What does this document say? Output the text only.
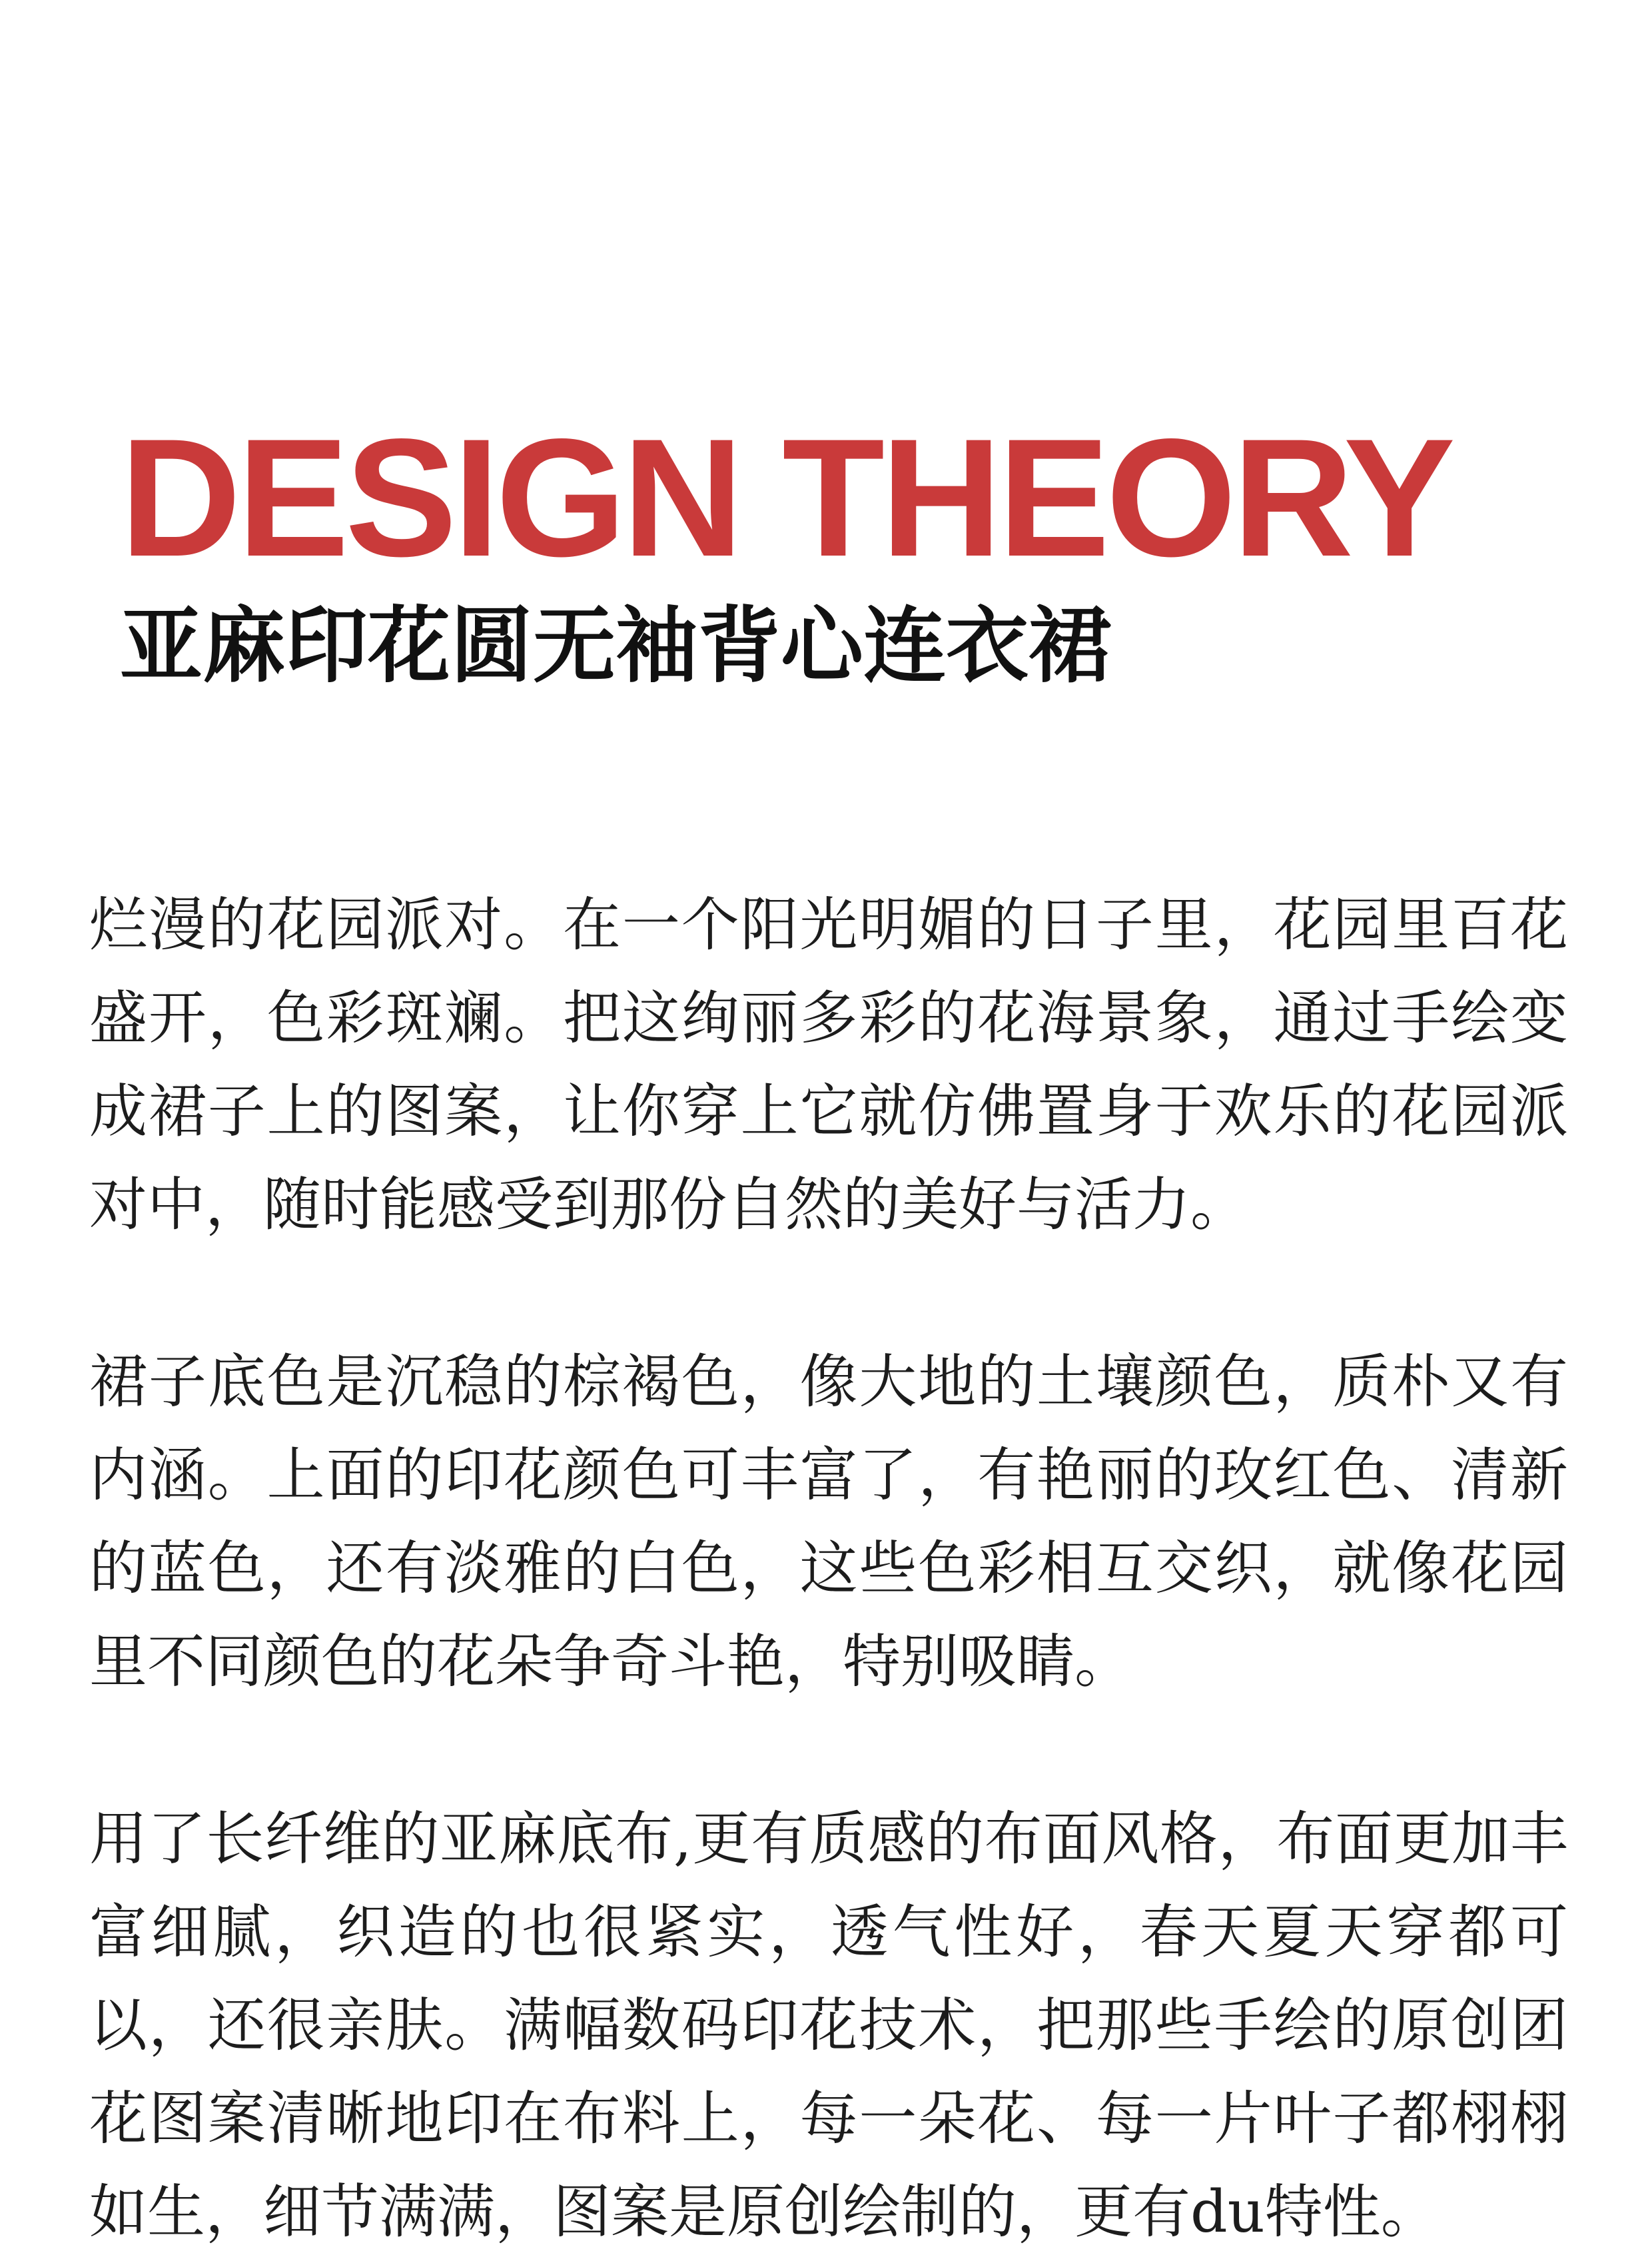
DESIGN THEORY
亚麻印花圆无袖背心连衣裙

烂漫的花园派对。在一个阳光明媚的日子里，花园里百花盛开，色彩斑斓。把这绚丽多彩的花海景象，通过手绘变成裙子上的图案，让你穿上它就仿佛置身于欢乐的花园派对中，随时能感受到那份自然的美好与活力。

裙子底色是沉稳的棕褐色，像大地的土壤颜色，质朴又有内涵。上面的印花颜色可丰富了，有艳丽的玫红色、清新的蓝色，还有淡雅的白色，这些色彩相互交织，就像花园里不同颜色的花朵争奇斗艳，特别吸睛。

用了长纤维的亚麻底布,更有质感的布面风格，布面更加丰富细腻，织造的也很紧实，透气性好，春天夏天穿都可以，还很亲肤。满幅数码印花技术，把那些手绘的原创团花图案清晰地印在布料上，每一朵花、每一片叶子都栩栩如生，细节满满，图案是原创绘制的，更有du特性。
